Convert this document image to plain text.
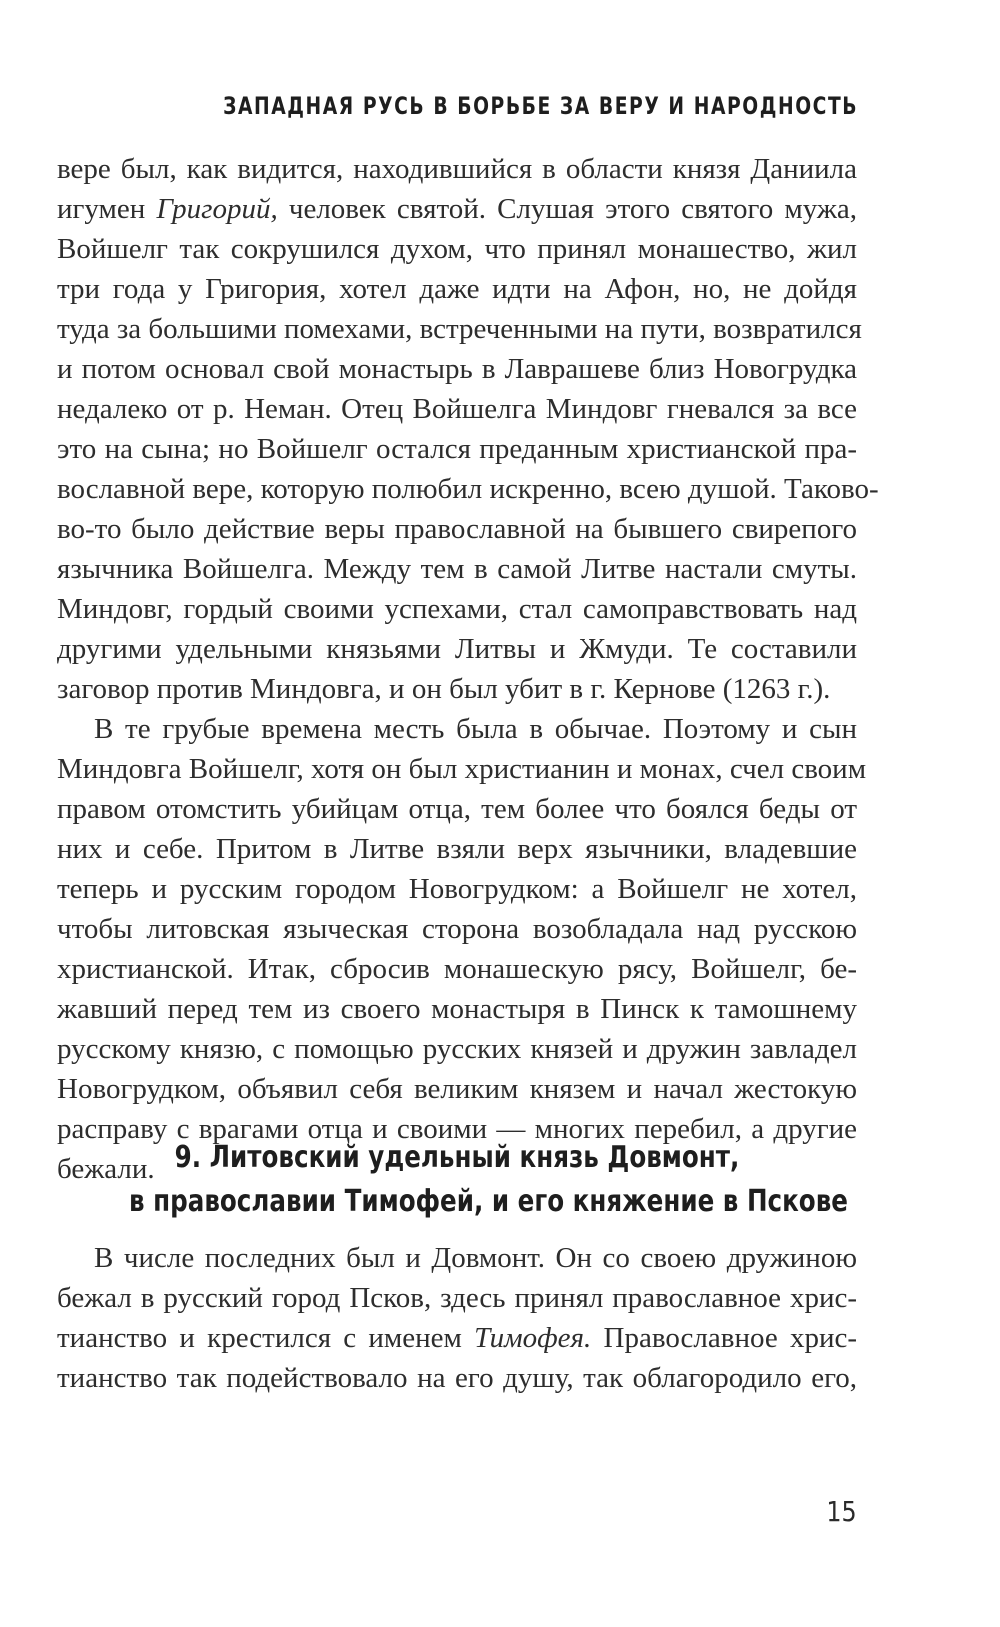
ЗАПАДНАЯ РУСЬ В БОРЬБЕ ЗА ВЕРУ И НАРОДНОСТЬ
вере был, как видится, находившийся в области князя Даниила
игумен Григорий, человек святой. Слушая этого святого мужа,
Войшелг так сокрушился духом, что принял монашество, жил
три года у Григория, хотел даже идти на Афон, но, не дойдя
туда за большими помехами, встреченными на пути, возвратился
и потом основал свой монастырь в Лаврашеве близ Новогрудка
недалеко от р. Неман. Отец Войшелга Миндовг гневался за все
это на сына; но Войшелг остался преданным христианской пра-
вославной вере, которую полюбил искренно, всею душой. Таково-
во-то было действие веры православной на бывшего свирепого
язычника Войшелга. Между тем в самой Литве настали смуты.
Миндовг, гордый своими успехами, стал самоправствовать над
другими удельными князьями Литвы и Жмуди. Те составили
заговор против Миндовга, и он был убит в г. Кернове (1263 г.).
В те грубые времена месть была в обычае. Поэтому и сын
Миндовга Войшелг, хотя он был христианин и монах, счел своим
правом отомстить убийцам отца, тем более что боялся беды от
них и себе. Притом в Литве взяли верх язычники, владевшие
теперь и русским городом Новогрудком: а Войшелг не хотел,
чтобы литовская языческая сторона возобладала над русскою
христианской. Итак, сбросив монашескую рясу, Войшелг, бе-
жавший перед тем из своего монастыря в Пинск к тамошнему
русскому князю, с помощью русских князей и дружин завладел
Новогрудком, объявил себя великим князем и начал жестокую
расправу с врагами отца и своими — многих перебил, а другие
бежали. 9. Литовский удельный князь Довмонт,
в православии Тимофей, и его княжение в Пскове
В числе последних был и Довмонт. Он со своею дружиною
бежал в русский город Псков, здесь принял православное хрис-
тианство и крестился с именем Тимофея. Православное хрис-
тианство так подействовало на его душу, так облагородило его,
15
